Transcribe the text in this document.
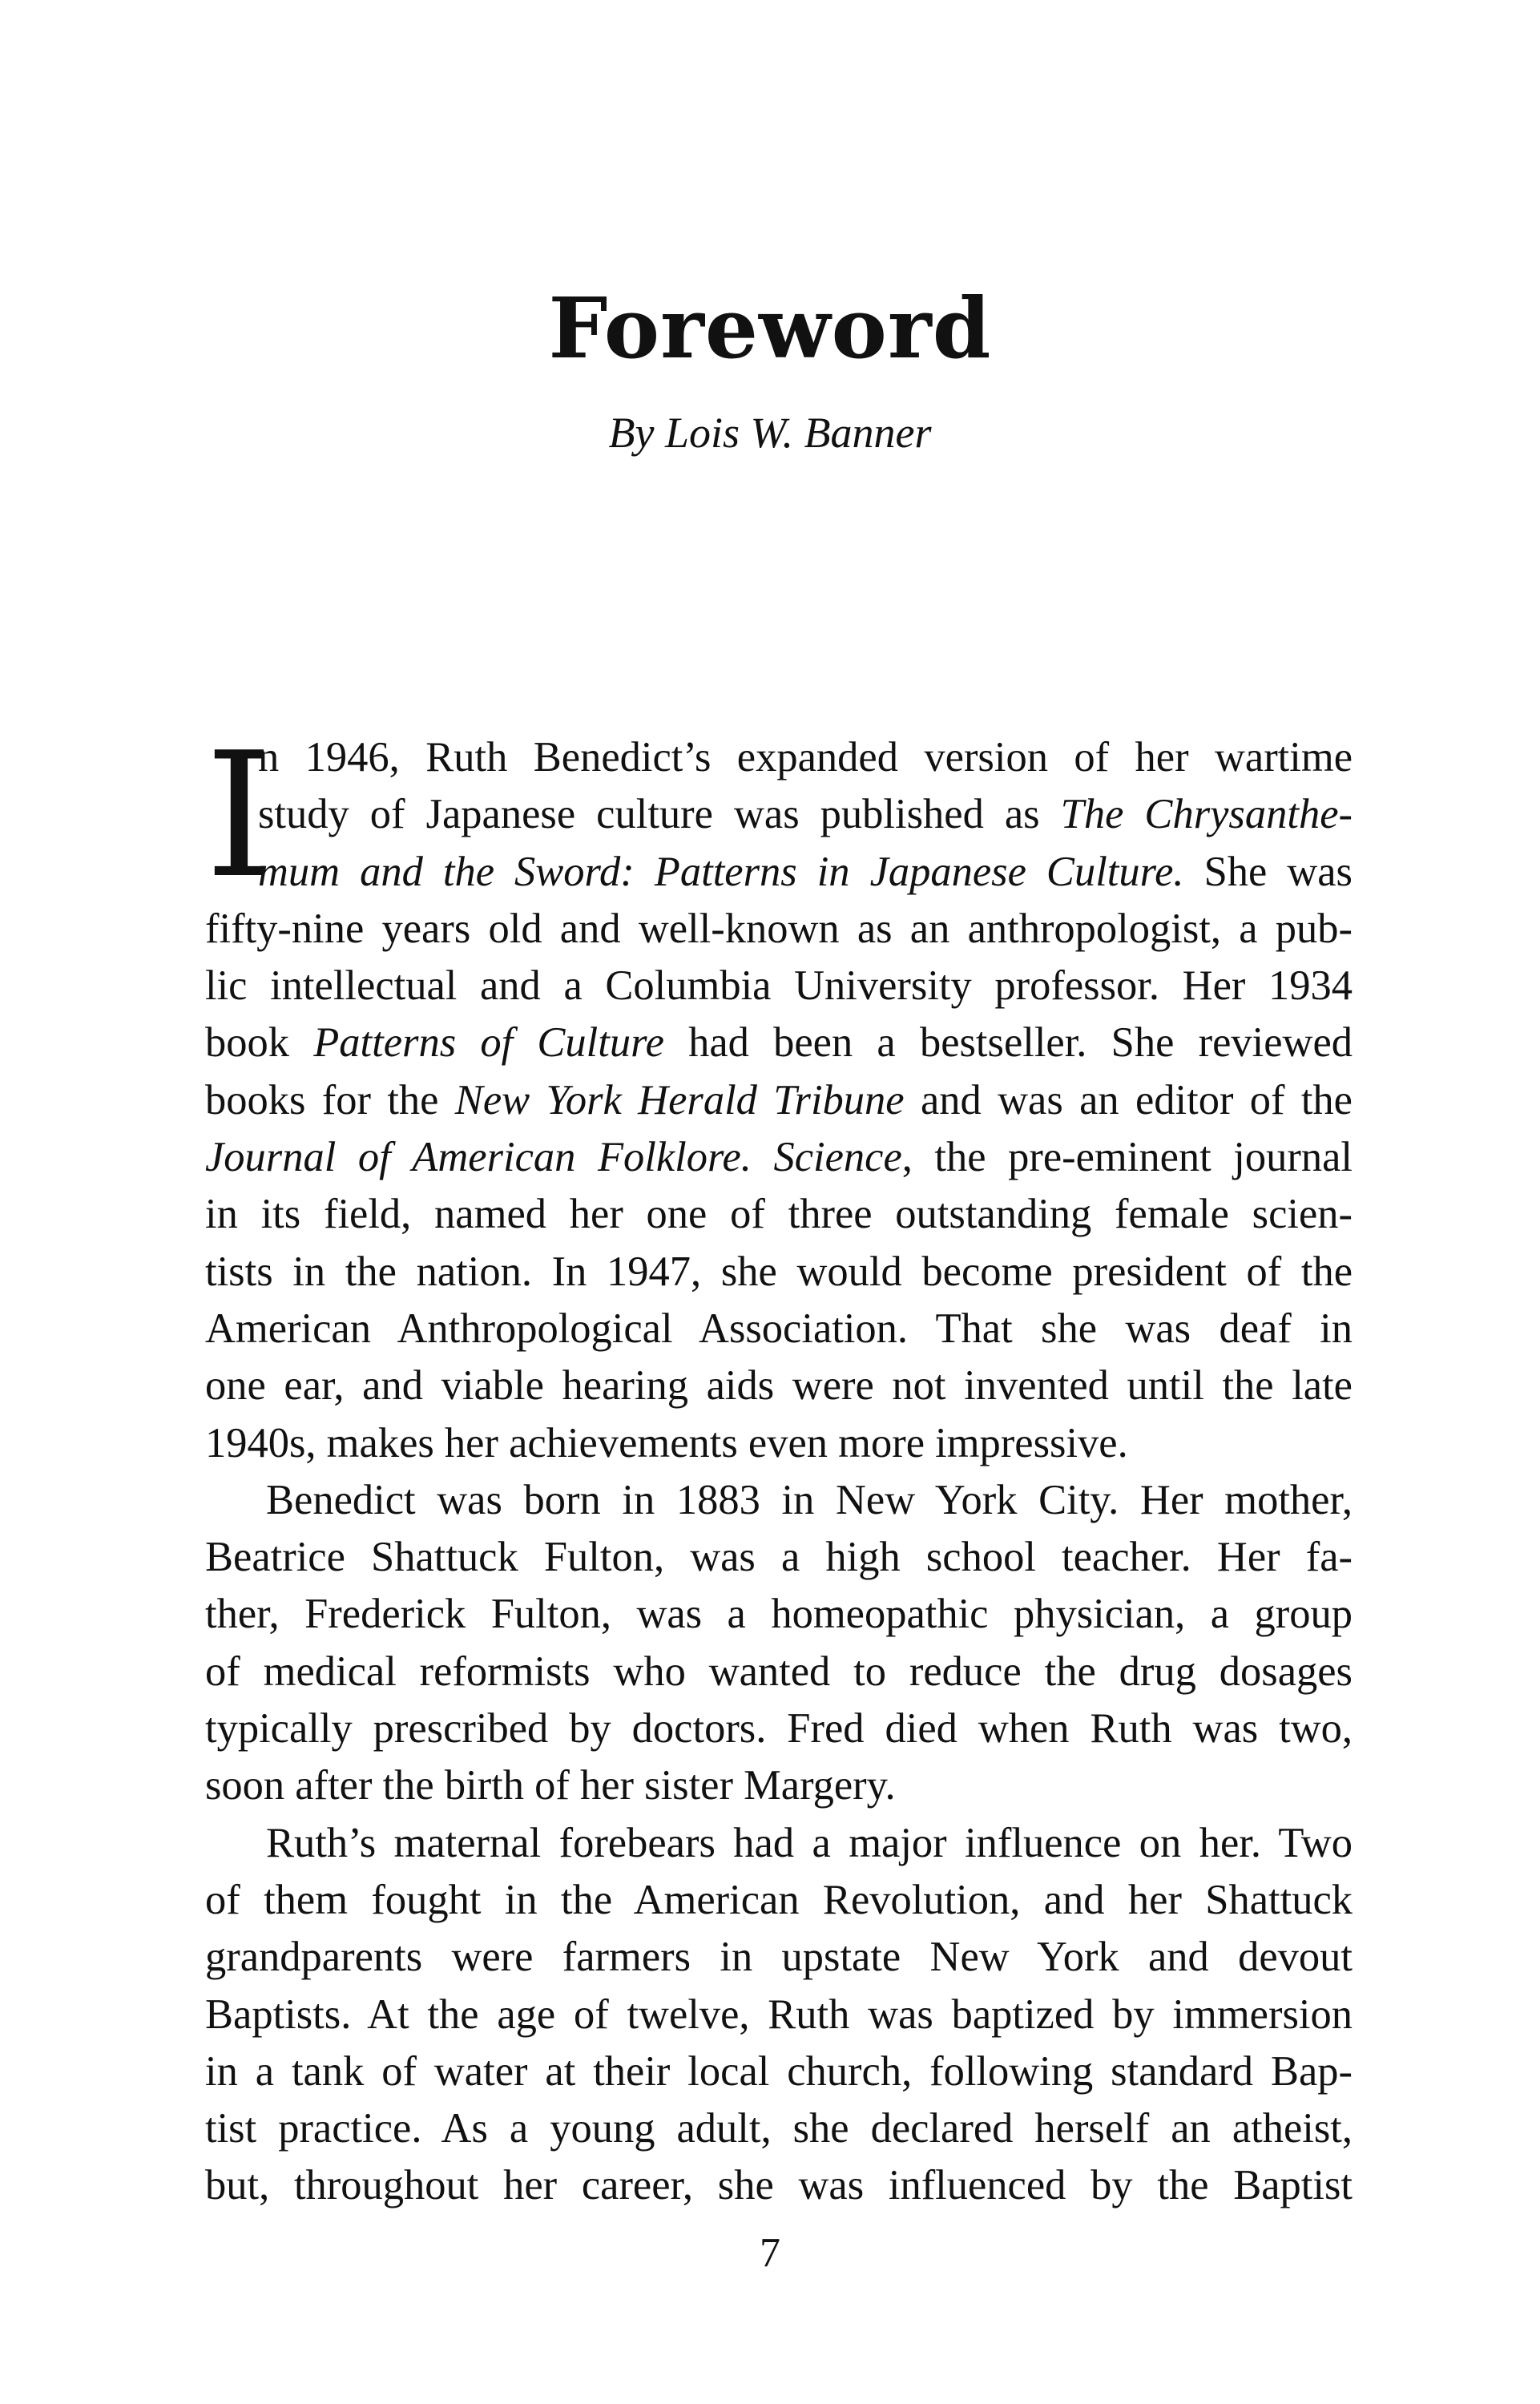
Foreword

By Lois W. Banner

I
n 1946, Ruth Benedict’s expanded version of her wartime
study of Japanese culture was published as The Chrysanthe-
mum and the Sword: Patterns in Japanese Culture. She was
fifty-nine years old and well-known as an anthropologist, a pub-
lic intellectual and a Columbia University professor. Her 1934
book Patterns of Culture had been a bestseller. She reviewed
books for the New York Herald Tribune and was an editor of the
Journal of American Folklore. Science, the pre-eminent journal
in its field, named her one of three outstanding female scien-
tists in the nation. In 1947, she would become president of the
American Anthropological Association. That she was deaf in
one ear, and viable hearing aids were not invented until the late
1940s, makes her achievements even more impressive.
Benedict was born in 1883 in New York City. Her mother,
Beatrice Shattuck Fulton, was a high school teacher. Her fa-
ther, Frederick Fulton, was a homeopathic physician, a group
of medical reformists who wanted to reduce the drug dosages
typically prescribed by doctors. Fred died when Ruth was two,
soon after the birth of her sister Margery.
Ruth’s maternal forebears had a major influence on her. Two
of them fought in the American Revolution, and her Shattuck
grandparents were farmers in upstate New York and devout
Baptists. At the age of twelve, Ruth was baptized by immersion
in a tank of water at their local church, following standard Bap-
tist practice. As a young adult, she declared herself an atheist,
but, throughout her career, she was influenced by the Baptist
7
